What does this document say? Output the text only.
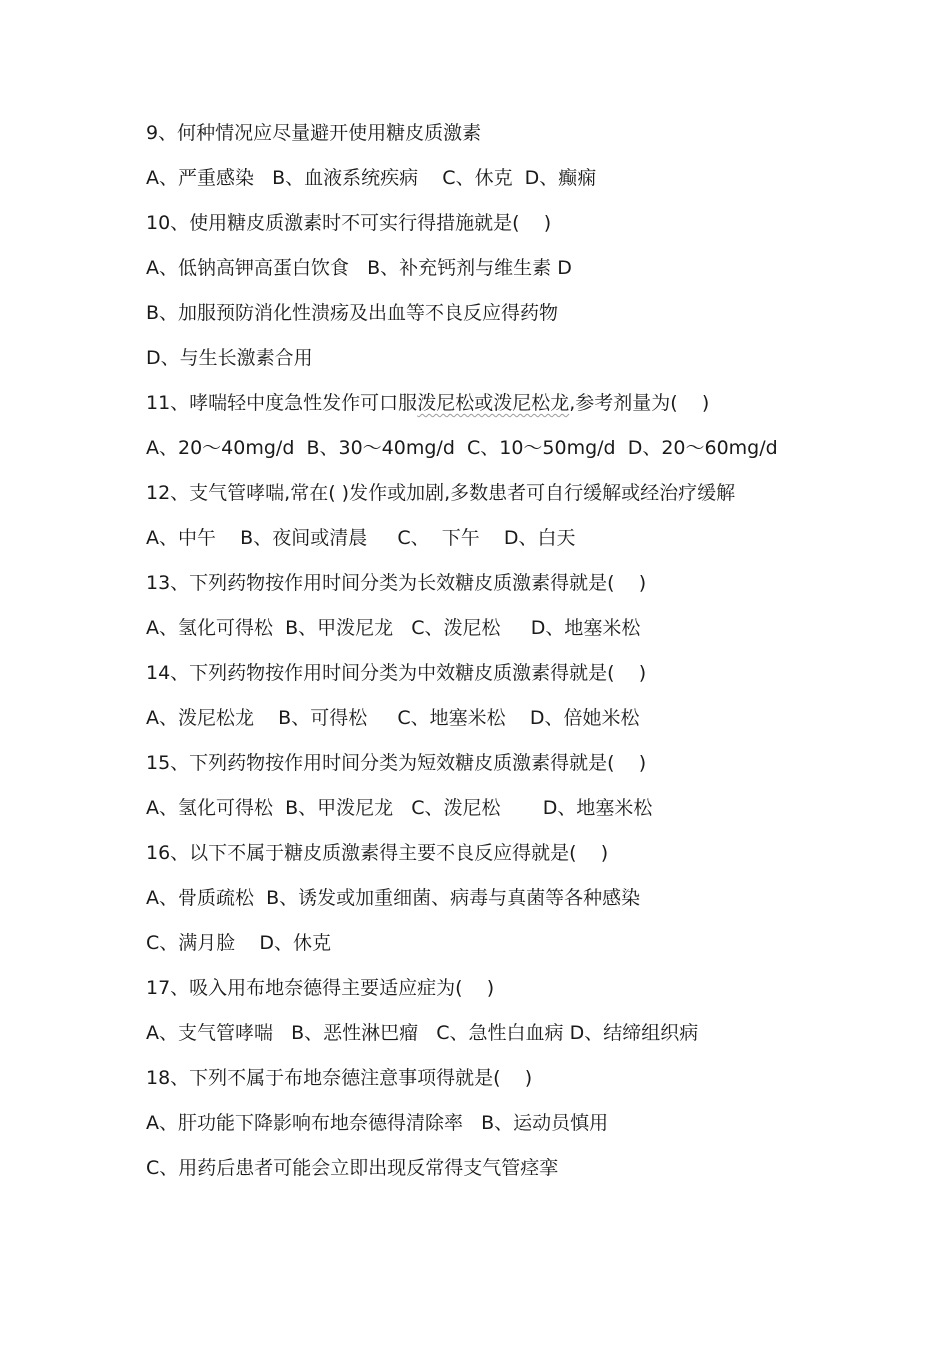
9、何种情况应尽量避开使用糖皮质激素
A、严重感染   B、血液系统疾病    C、休克  D、癫痫
10、使用糖皮质激素时不可实行得措施就是(    )
A、低钠高钾高蛋白饮食   B、补充钙剂与维生素 D
B、加服预防消化性溃疡及出血等不良反应得药物
D、与生长激素合用
11、哮喘轻中度急性发作可口服泼尼松或泼尼松龙,参考剂量为(    )
A、20～40mg/d  B、30～40mg/d  C、10～50mg/d  D、20～60mg/d
12、支气管哮喘,常在( )发作或加剧,多数患者可自行缓解或经治疗缓解
A、中午    B、夜间或清晨     C、  下午    D、白天
13、下列药物按作用时间分类为长效糖皮质激素得就是(    )
A、氢化可得松  B、甲泼尼龙   C、泼尼松     D、地塞米松
14、下列药物按作用时间分类为中效糖皮质激素得就是(    )
A、泼尼松龙    B、可得松     C、地塞米松    D、倍她米松
15、下列药物按作用时间分类为短效糖皮质激素得就是(    )
A、氢化可得松  B、甲泼尼龙   C、泼尼松       D、地塞米松
16、以下不属于糖皮质激素得主要不良反应得就是(    )
A、骨质疏松  B、诱发或加重细菌、病毒与真菌等各种感染
C、满月脸    D、休克
17、吸入用布地奈德得主要适应症为(    )
A、支气管哮喘   B、恶性淋巴瘤   C、急性白血病 D、结缔组织病
18、下列不属于布地奈德注意事项得就是(    )
A、肝功能下降影响布地奈德得清除率   B、运动员慎用
C、用药后患者可能会立即出现反常得支气管痉挛
